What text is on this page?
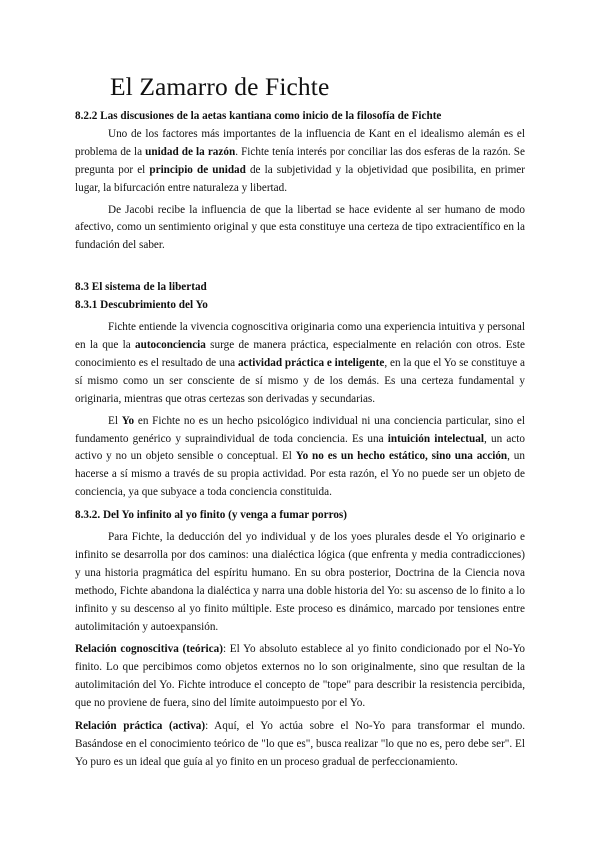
El Zamarro de Fichte

8.2.2 Las discusiones de la aetas kantiana como inicio de la filosofía de Fichte

Uno de los factores más importantes de la influencia de Kant en el idealismo alemán es el problema de la unidad de la razón. Fichte tenía interés por conciliar las dos esferas de la razón. Se pregunta por el principio de unidad de la subjetividad y la objetividad que posibilita, en primer lugar, la bifurcación entre naturaleza y libertad.

De Jacobi recibe la influencia de que la libertad se hace evidente al ser humano de modo afectivo, como un sentimiento original y que esta constituye una certeza de tipo extracientífico en la fundación del saber.

8.3 El sistema de la libertad

8.3.1 Descubrimiento del Yo

Fichte entiende la vivencia cognoscitiva originaria como una experiencia intuitiva y personal en la que la autoconciencia surge de manera práctica, especialmente en relación con otros. Este conocimiento es el resultado de una actividad práctica e inteligente, en la que el Yo se constituye a sí mismo como un ser consciente de sí mismo y de los demás. Es una certeza fundamental y originaria, mientras que otras certezas son derivadas y secundarias.

El Yo en Fichte no es un hecho psicológico individual ni una conciencia particular, sino el fundamento genérico y supraindividual de toda conciencia. Es una intuición intelectual, un acto activo y no un objeto sensible o conceptual. El Yo no es un hecho estático, sino una acción, un hacerse a sí mismo a través de su propia actividad. Por esta razón, el Yo no puede ser un objeto de conciencia, ya que subyace a toda conciencia constituida.

8.3.2. Del Yo infinito al yo finito (y venga a fumar porros)

Para Fichte, la deducción del yo individual y de los yoes plurales desde el Yo originario e infinito se desarrolla por dos caminos: una dialéctica lógica (que enfrenta y media contradicciones) y una historia pragmática del espíritu humano. En su obra posterior, Doctrina de la Ciencia nova methodo, Fichte abandona la dialéctica y narra una doble historia del Yo: su ascenso de lo finito a lo infinito y su descenso al yo finito múltiple. Este proceso es dinámico, marcado por tensiones entre autolimitación y autoexpansión.

Relación cognoscitiva (teórica): El Yo absoluto establece al yo finito condicionado por el No-Yo finito. Lo que percibimos como objetos externos no lo son originalmente, sino que resultan de la autolimitación del Yo. Fichte introduce el concepto de "tope" para describir la resistencia percibida, que no proviene de fuera, sino del límite autoimpuesto por el Yo.

Relación práctica (activa): Aquí, el Yo actúa sobre el No-Yo para transformar el mundo. Basándose en el conocimiento teórico de "lo que es", busca realizar "lo que no es, pero debe ser". El Yo puro es un ideal que guía al yo finito en un proceso gradual de perfeccionamiento.
